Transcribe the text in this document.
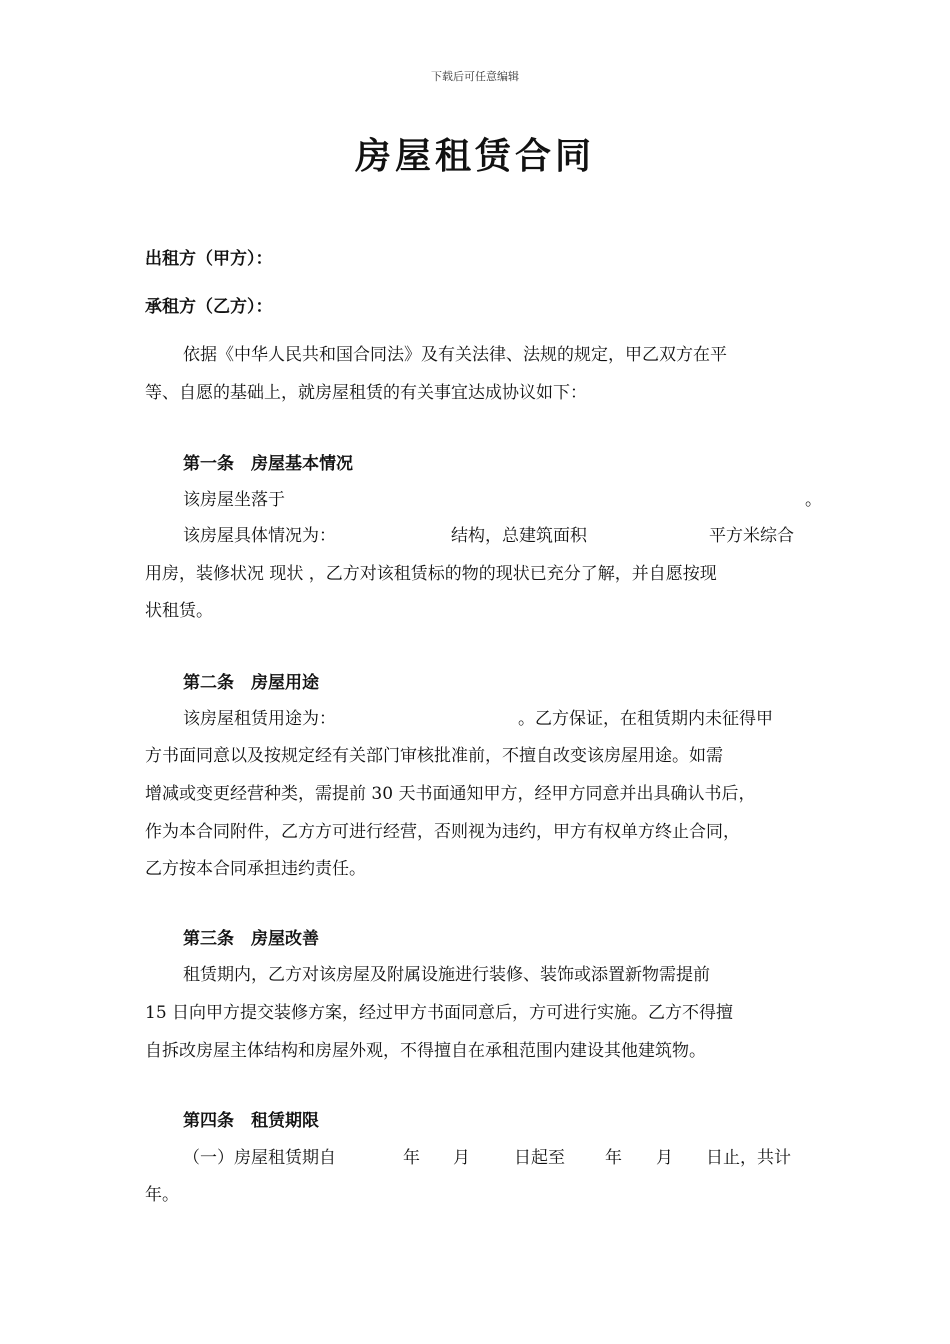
下载后可任意编辑
房屋租赁合同
出租方（甲方）：
承租方（乙方）：
依据《中华人民共和国合同法》及有关法律、法规的规定，甲乙双方在平
等、自愿的基础上，就房屋租赁的有关事宜达成协议如下：
第一条　房屋基本情况
该房屋坐落于	。
该房屋具体情况为：	结构，总建筑面积	平方米综合
用房，装修状况 现状 ，乙方对该租赁标的物的现状已充分了解，并自愿按现
状租赁。
第二条　房屋用途
该房屋租赁用途为：	。乙方保证，在租赁期内未征得甲
方书面同意以及按规定经有关部门审核批准前，不擅自改变该房屋用途。如需
增减或变更经营种类，需提前 30 天书面通知甲方，经甲方同意并出具确认书后，
作为本合同附件，乙方方可进行经营，否则视为违约，甲方有权单方终止合同，
乙方按本合同承担违约责任。
第三条　房屋改善
租赁期内，乙方对该房屋及附属设施进行装修、装饰或添置新物需提前
15 日向甲方提交装修方案，经过甲方书面同意后，方可进行实施。乙方不得擅
自拆改房屋主体结构和房屋外观，不得擅自在承租范围内建设其他建筑物。
第四条　租赁期限
（一）房屋租赁期自	年 月	日起至 年 月 日止，共计
年。
